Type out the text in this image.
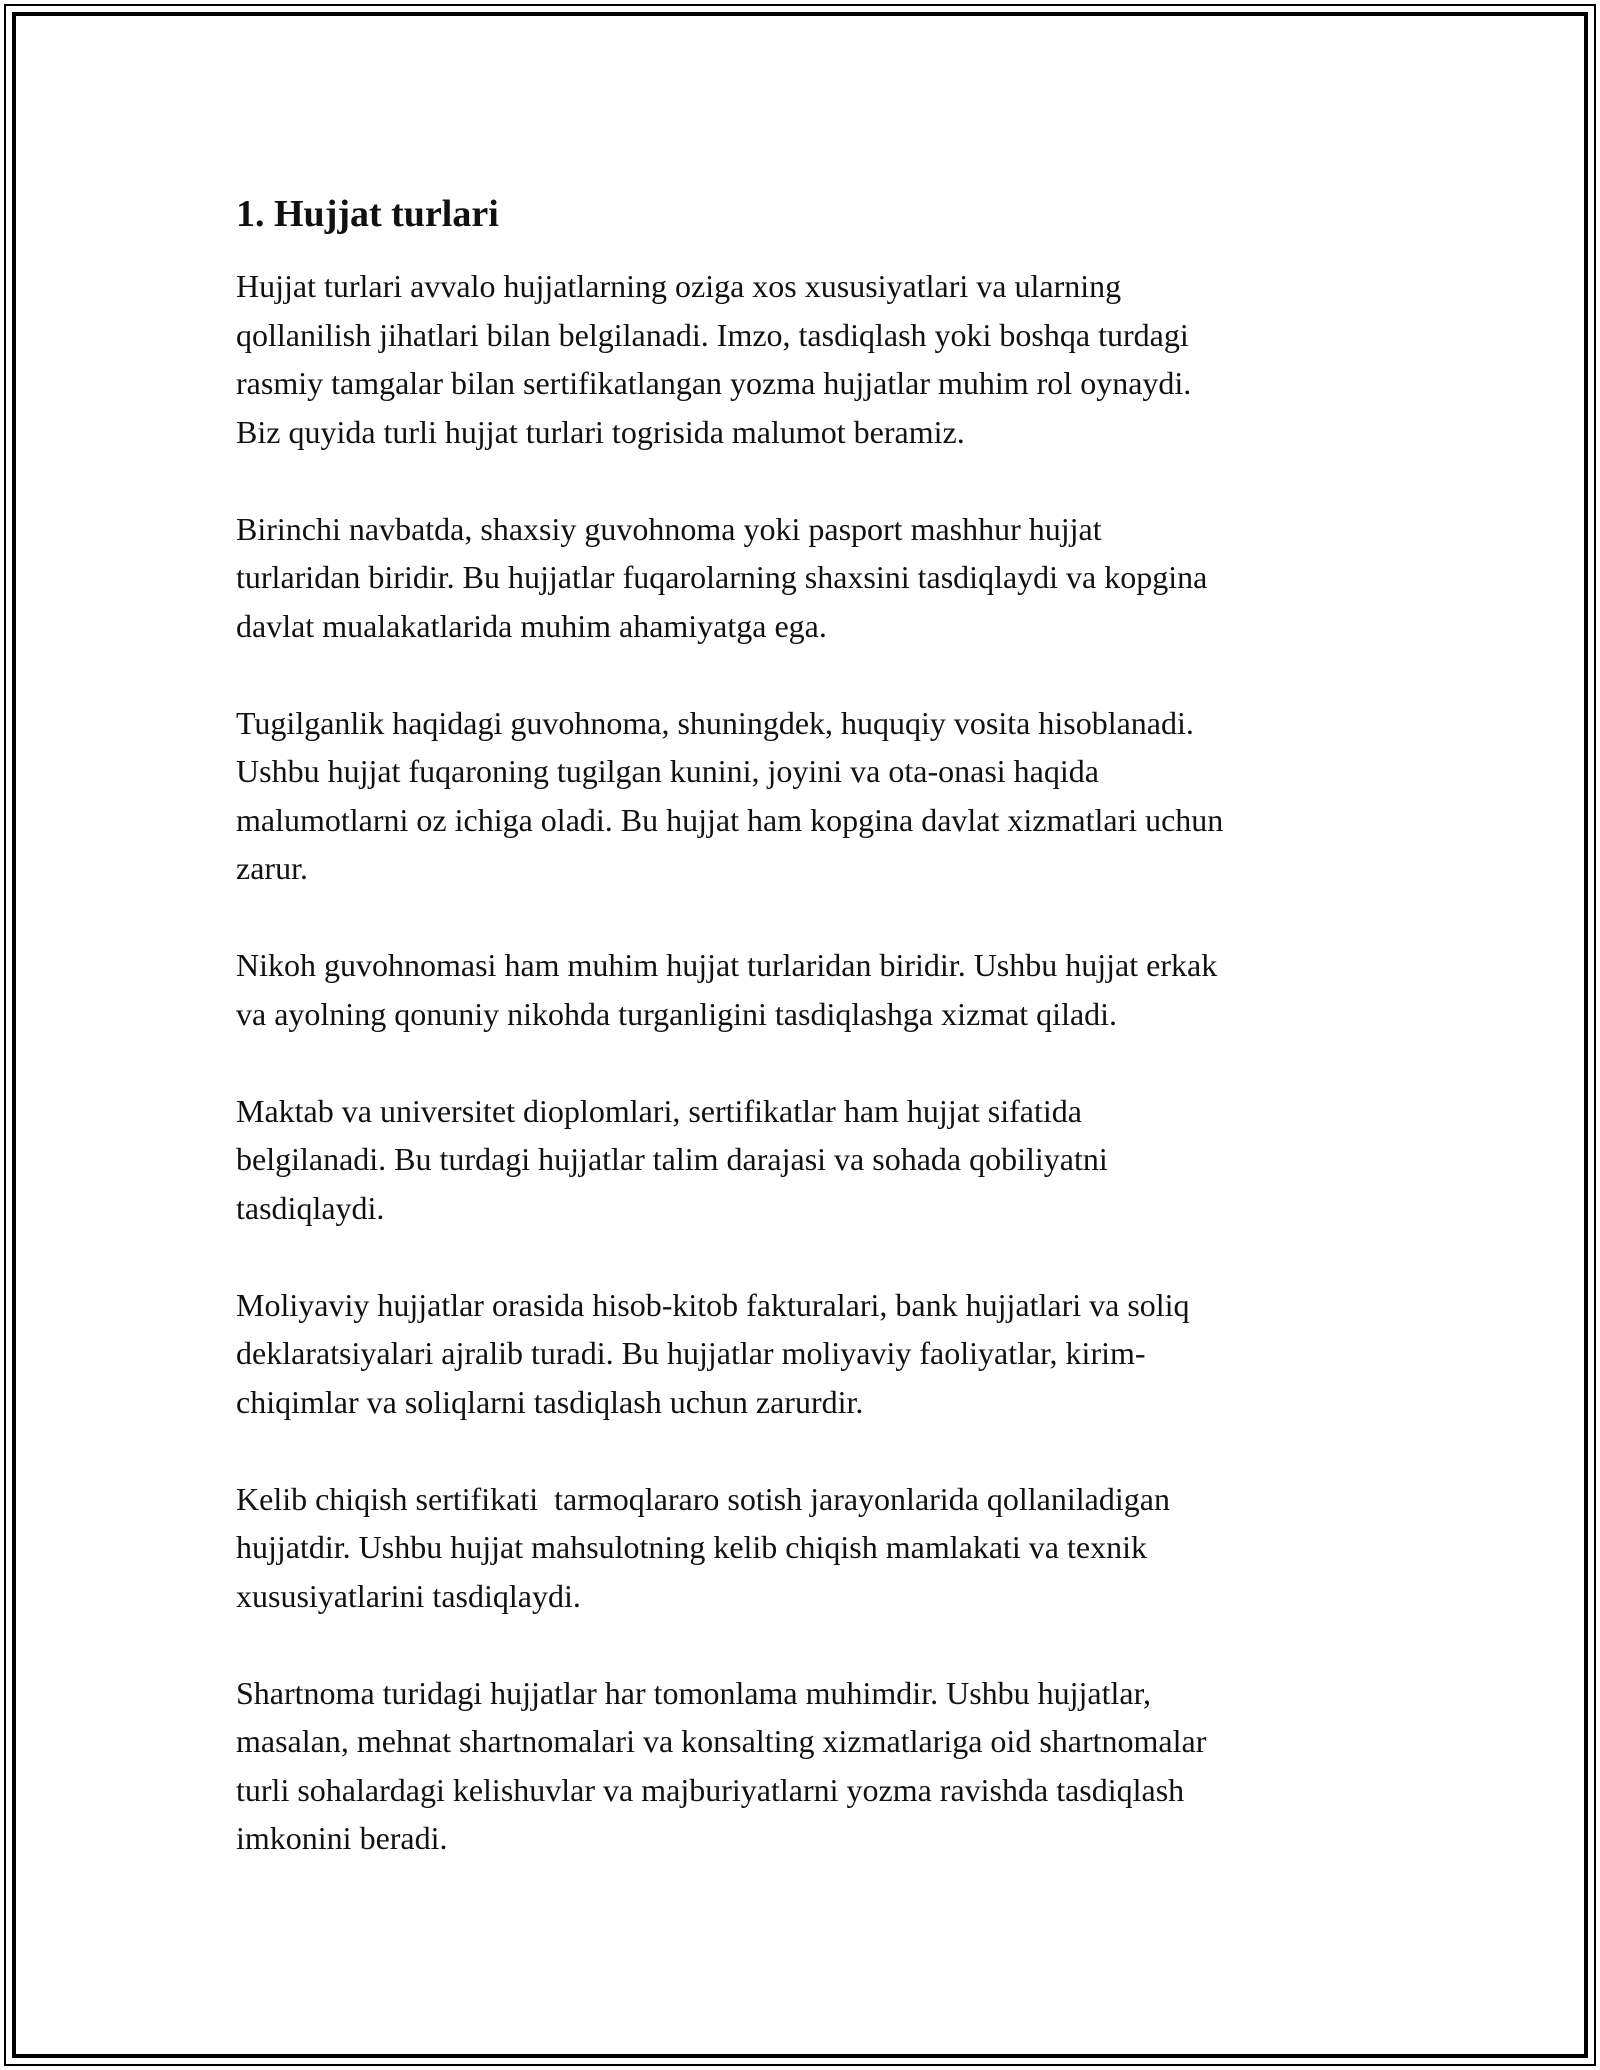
1. Hujjat turlari
Hujjat turlari avvalo hujjatlarning oziga xos xususiyatlari va ularning
qollanilish jihatlari bilan belgilanadi. Imzo, tasdiqlash yoki boshqa turdagi
rasmiy tamgalar bilan sertifikatlangan yozma hujjatlar muhim rol oynaydi.
Biz quyida turli hujjat turlari togrisida malumot beramiz.
Birinchi navbatda, shaxsiy guvohnoma yoki pasport mashhur hujjat
turlaridan biridir. Bu hujjatlar fuqarolarning shaxsini tasdiqlaydi va kopgina
davlat mualakatlarida muhim ahamiyatga ega.
Tugilganlik haqidagi guvohnoma, shuningdek, huquqiy vosita hisoblanadi.
Ushbu hujjat fuqaroning tugilgan kunini, joyini va ota-onasi haqida
malumotlarni oz ichiga oladi. Bu hujjat ham kopgina davlat xizmatlari uchun
zarur.
Nikoh guvohnomasi ham muhim hujjat turlaridan biridir. Ushbu hujjat erkak
va ayolning qonuniy nikohda turganligini tasdiqlashga xizmat qiladi.
Maktab va universitet dioplomlari, sertifikatlar ham hujjat sifatida
belgilanadi. Bu turdagi hujjatlar talim darajasi va sohada qobiliyatni
tasdiqlaydi.
Moliyaviy hujjatlar orasida hisob-kitob fakturalari, bank hujjatlari va soliq
deklaratsiyalari ajralib turadi. Bu hujjatlar moliyaviy faoliyatlar, kirim-
chiqimlar va soliqlarni tasdiqlash uchun zarurdir.
Kelib chiqish sertifikati  tarmoqlararo sotish jarayonlarida qollaniladigan
hujjatdir. Ushbu hujjat mahsulotning kelib chiqish mamlakati va texnik
xususiyatlarini tasdiqlaydi.
Shartnoma turidagi hujjatlar har tomonlama muhimdir. Ushbu hujjatlar,
masalan, mehnat shartnomalari va konsalting xizmatlariga oid shartnomalar
turli sohalardagi kelishuvlar va majburiyatlarni yozma ravishda tasdiqlash
imkonini beradi.
